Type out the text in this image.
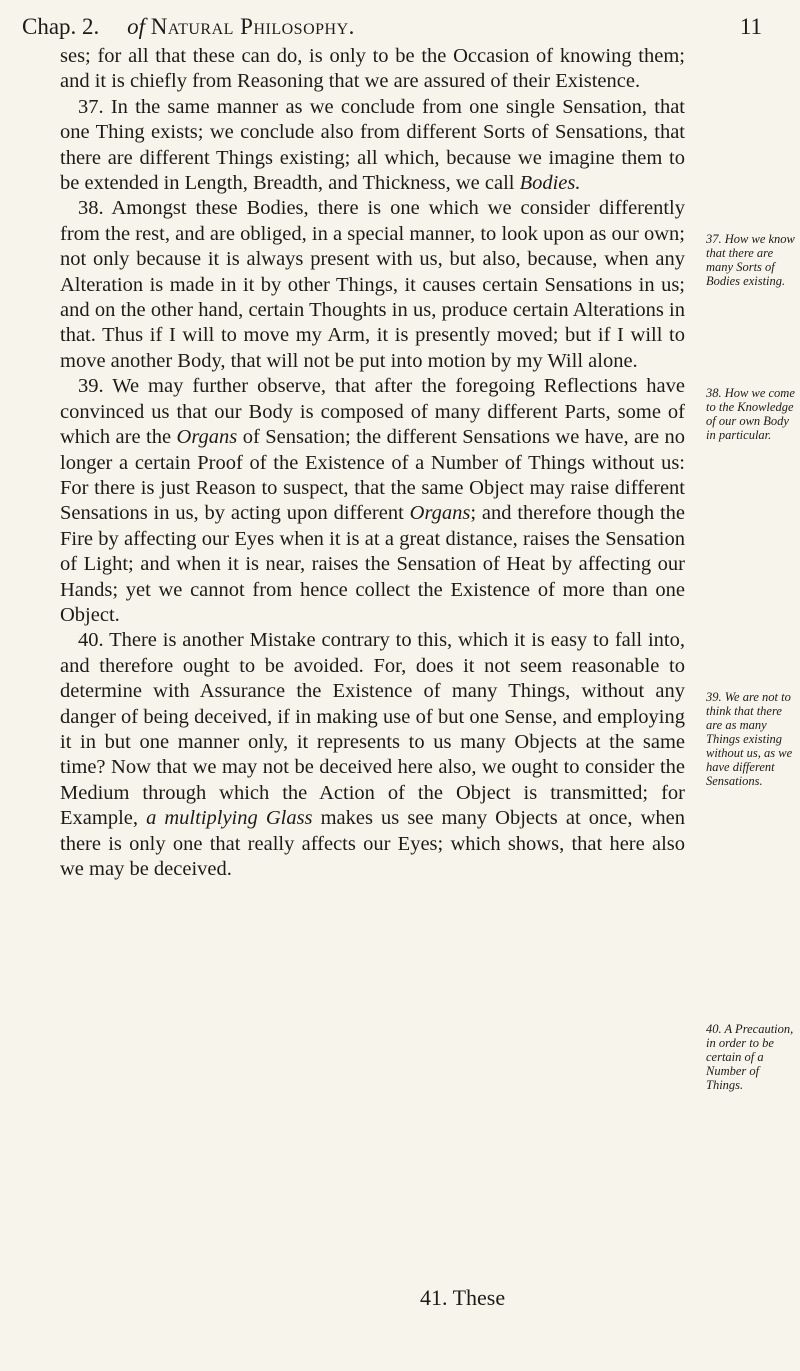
Chap. 2. of Natural Philosophy.	11

ses; for all that these can do, is only to be the Occasion of knowing them; and it is chiefly from Reasoning that we are assured of their Existence.

37. In the same manner as we conclude from one single Sensation, that one Thing exists; we conclude also from different Sorts of Sensations, that there are different Things existing; all which, because we imagine them to be extended in Length, Breadth, and Thickness, we call Bodies.

38. Amongst these Bodies, there is one which we consider differently from the rest, and are obliged, in a special manner, to look upon as our own; not only because it is always present with us, but also, because, when any Alteration is made in it by other Things, it causes certain Sensations in us; and on the other hand, certain Thoughts in us, produce certain Alterations in that. Thus if I will to move my Arm, it is presently moved; but if I will to move another Body, that will not be put into motion by my Will alone.

39. We may further observe, that after the foregoing Reflections have convinced us that our Body is composed of many different Parts, some of which are the Organs of Sensation; the different Sensations we have, are no longer a certain Proof of the Existence of a Number of Things without us: For there is just Reason to suspect, that the same Object may raise different Sensations in us, by acting upon different Organs; and therefore though the Fire by affecting our Eyes when it is at a great distance, raises the Sensation of Light; and when it is near, raises the Sensation of Heat by affecting our Hands; yet we cannot from hence collect the Existence of more than one Object.

40. There is another Mistake contrary to this, which it is easy to fall into, and therefore ought to be avoided. For, does it not seem reasonable to determine with Assurance the Existence of many Things, without any danger of being deceived, if in making use of but one Sense, and employing it in but one manner only, it represents to us many Objects at the same time? Now that we may not be deceived here also, we ought to consider the Medium through which the Action of the Object is transmitted; for Example, a multiplying Glass makes us see many Objects at once, when there is only one that really affects our Eyes; which shows, that here also we may be deceived.

37. How we know that there are many Sorts of Bodies existing.
38. How we come to the Knowledge of our own Body in particular.
39. We are not to think that there are as many Things existing without us, as we have different Sensations.
40. A Precaution, in order to be certain of a Number of Things.
41. These
